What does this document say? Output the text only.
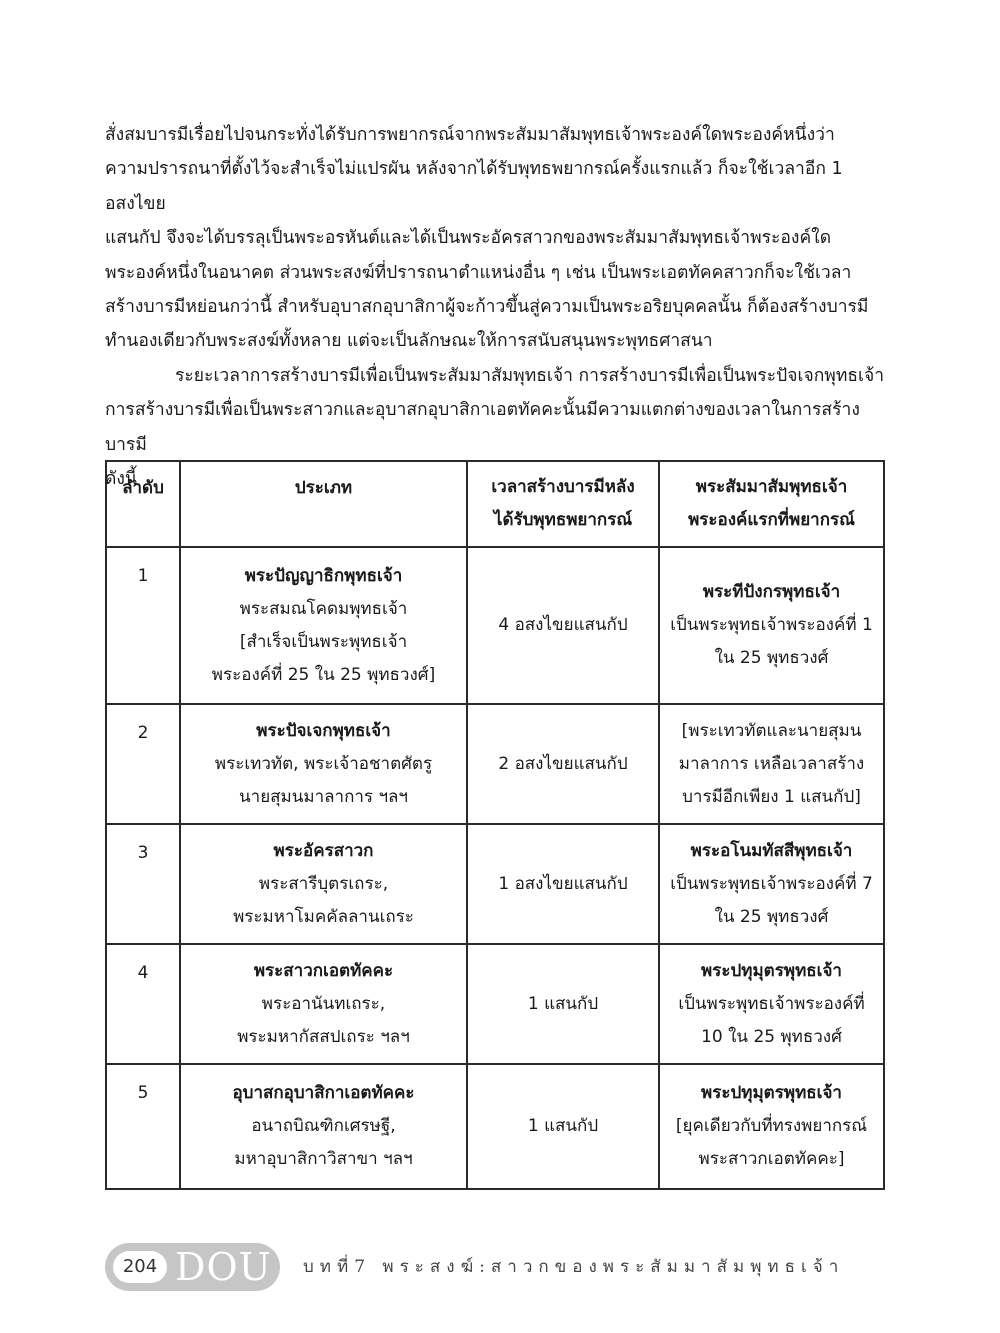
สั่งสมบารมีเรื่อยไปจนกระทั่งได้รับการพยากรณ์จากพระสัมมาสัมพุทธเจ้าพระองค์ใดพระองค์หนึ่งว่า
ความปรารถนาที่ตั้งไว้จะสำเร็จไม่แปรผัน หลังจากได้รับพุทธพยากรณ์ครั้งแรกแล้ว ก็จะใช้เวลาอีก 1 อสงไขย
แสนกัป จึงจะได้บรรลุเป็นพระอรหันต์และได้เป็นพระอัครสาวกของพระสัมมาสัมพุทธเจ้าพระองค์ใด
พระองค์หนึ่งในอนาคต ส่วนพระสงฆ์ที่ปรารถนาตำแหน่งอื่น ๆ เช่น เป็นพระเอตทัคคสาวกก็จะใช้เวลา
สร้างบารมีหย่อนกว่านี้ สำหรับอุบาสกอุบาสิกาผู้จะก้าวขึ้นสู่ความเป็นพระอริยบุคคลนั้น ก็ต้องสร้างบารมี
ทำนองเดียวกับพระสงฆ์ทั้งหลาย แต่จะเป็นลักษณะให้การสนับสนุนพระพุทธศาสนา

ระยะเวลาการสร้างบารมีเพื่อเป็นพระสัมมาสัมพุทธเจ้า การสร้างบารมีเพื่อเป็นพระปัจเจกพุทธเจ้า
การสร้างบารมีเพื่อเป็นพระสาวกและอุบาสกอุบาสิกาเอตทัคคะนั้นมีความแตกต่างของเวลาในการสร้างบารมี
ดังนี้

ลำดับ	ประเภท	เวลาสร้างบารมีหลัง
ได้รับพุทธพยากรณ์	พระสัมมาสัมพุทธเจ้า
พระองค์แรกที่พยากรณ์

1	พระปัญญาธิกพุทธเจ้า
พระสมณโคดมพุทธเจ้า
[สำเร็จเป็นพระพุทธเจ้า
พระองค์ที่ 25 ใน 25 พุทธวงศ์]	4 อสงไขยแสนกัป	พระทีปังกรพุทธเจ้า
เป็นพระพุทธเจ้าพระองค์ที่ 1
ใน 25 พุทธวงศ์

2	พระปัจเจกพุทธเจ้า
พระเทวทัต, พระเจ้าอชาตศัตรู
นายสุมนมาลาการ ฯลฯ	2 อสงไขยแสนกัป	[พระเทวทัตและนายสุมน
มาลาการ เหลือเวลาสร้าง
บารมีอีกเพียง 1 แสนกัป]

3	พระอัครสาวก
พระสารีบุตรเถระ,
พระมหาโมคคัลลานเถระ	1 อสงไขยแสนกัป	พระอโนมทัสสีพุทธเจ้า
เป็นพระพุทธเจ้าพระองค์ที่ 7
ใน 25 พุทธวงศ์

4	พระสาวกเอตทัคคะ
พระอานันทเถระ,
พระมหากัสสปเถระ ฯลฯ	1 แสนกัป	พระปทุมุตรพุทธเจ้า
เป็นพระพุทธเจ้าพระองค์ที่
10 ใน 25 พุทธวงศ์

5	อุบาสกอุบาสิกาเอตทัคคะ
อนาถบิณฑิกเศรษฐี,
มหาอุบาสิกาวิสาขา ฯลฯ	1 แสนกัป	พระปทุมุตรพุทธเจ้า
[ยุคเดียวกับที่ทรงพยากรณ์
พระสาวกเอตทัคคะ]
204 DOU บทที่7 พระสงฆ์:สาวกของพระสัมมาสัมพุทธเจ้า
